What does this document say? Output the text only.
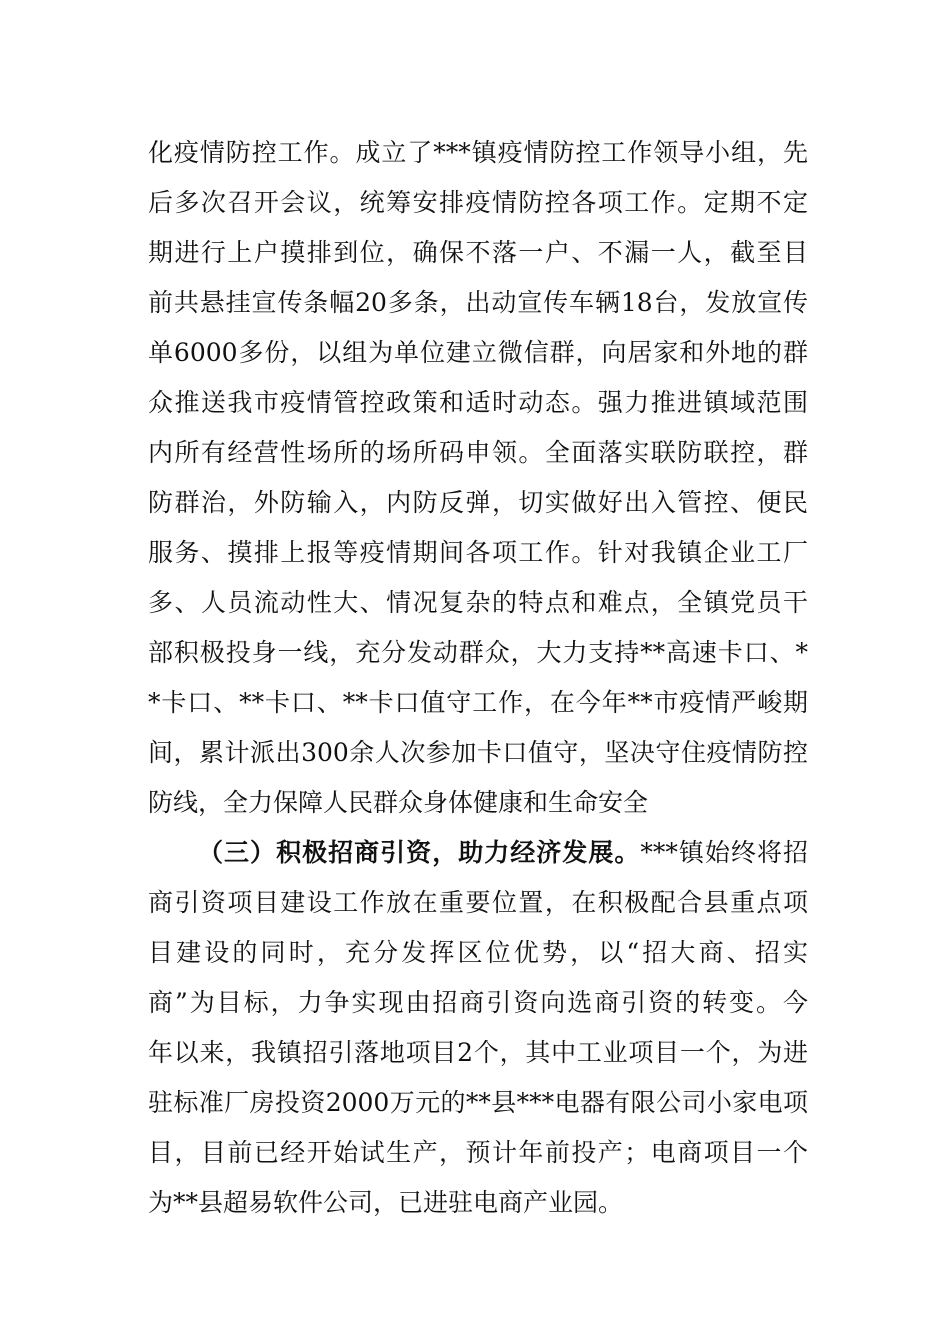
化疫情防控工作。成立了***镇疫情防控工作领导小组，先
后多次召开会议，统筹安排疫情防控各项工作。定期不定
期进行上户摸排到位，确保不落一户、不漏一人，截至目
前共悬挂宣传条幅20多条，出动宣传车辆18台，发放宣传
单6000多份，以组为单位建立微信群，向居家和外地的群
众推送我市疫情管控政策和适时动态。强力推进镇域范围
内所有经营性场所的场所码申领。全面落实联防联控，群
防群治，外防输入，内防反弹，切实做好出入管控、便民
服务、摸排上报等疫情期间各项工作。针对我镇企业工厂
多、人员流动性大、情况复杂的特点和难点，全镇党员干
部积极投身一线，充分发动群众，大力支持**高速卡口、*
*卡口、**卡口、**卡口值守工作，在今年**市疫情严峻期
间，累计派出300余人次参加卡口值守，坚决守住疫情防控
防线，全力保障人民群众身体健康和生命安全
（三）积极招商引资，助力经济发展。***镇始终将招
商引资项目建设工作放在重要位置，在积极配合县重点项
目建设的同时，充分发挥区位优势，以“招大商、招实
商”为目标，力争实现由招商引资向选商引资的转变。今
年以来，我镇招引落地项目2个，其中工业项目一个，为进
驻标准厂房投资2000万元的**县***电器有限公司小家电项
目，目前已经开始试生产，预计年前投产；电商项目一个
为**县超易软件公司，已进驻电商产业园。
